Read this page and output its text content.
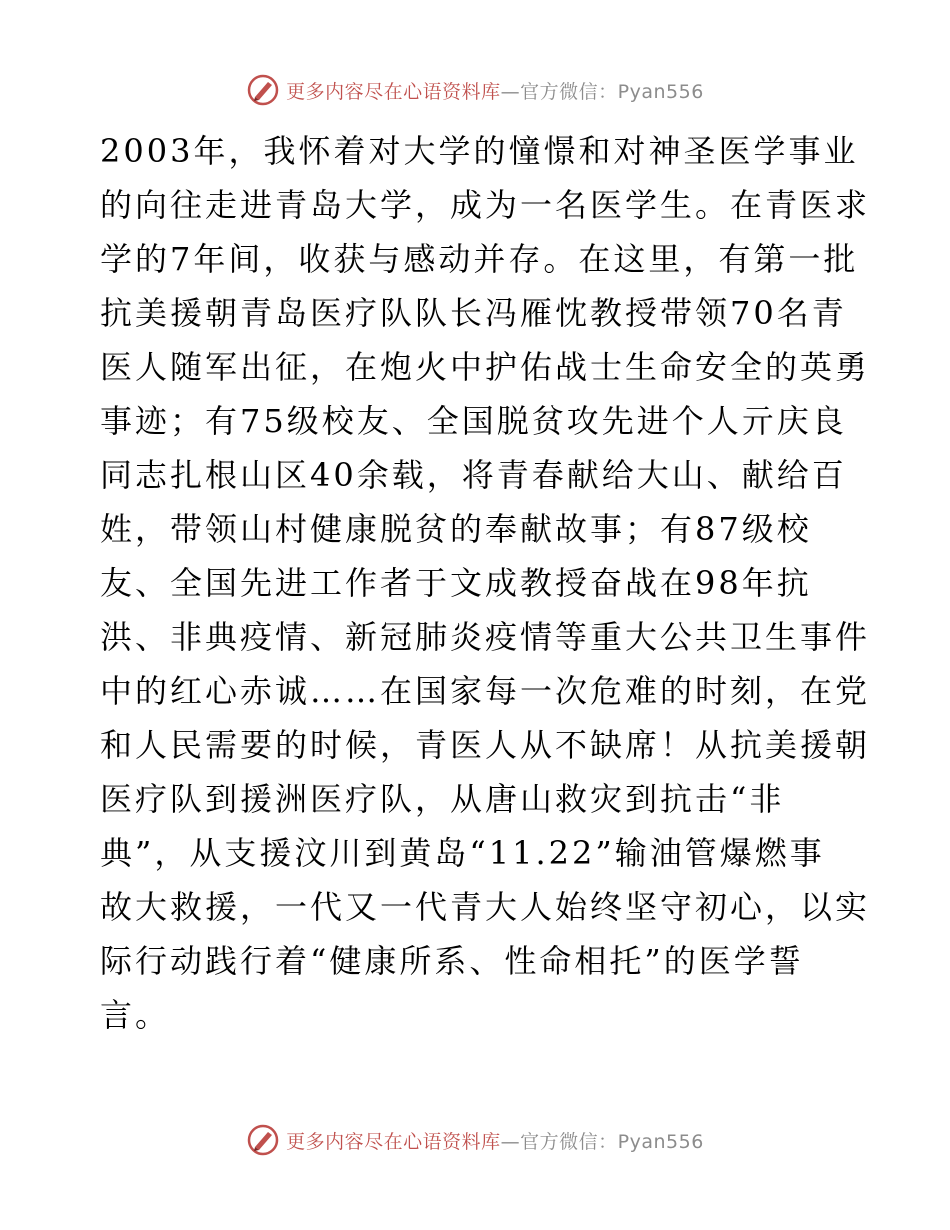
更多内容尽在心语资料库—官方微信：Pyan556
2003年，我怀着对大学的憧憬和对神圣医学事业
的向往走进青岛大学，成为一名医学生。在青医求
学的7年间，收获与感动并存。在这里，有第一批
抗美援朝青岛医疗队队长冯雁忱教授带领70名青
医人随军出征，在炮火中护佑战士生命安全的英勇
事迹；有75级校友、全国脱贫攻先进个人亓庆良
同志扎根山区40余载，将青春献给大山、献给百
姓，带领山村健康脱贫的奉献故事；有87级校
友、全国先进工作者于文成教授奋战在98年抗
洪、非典疫情、新冠肺炎疫情等重大公共卫生事件
中的红心赤诚……在国家每一次危难的时刻，在党
和人民需要的时候，青医人从不缺席！从抗美援朝
医疗队到援洲医疗队，从唐山救灾到抗击“非
典”，从支援汶川到黄岛“11.22”输油管爆燃事
故大救援，一代又一代青大人始终坚守初心，以实
际行动践行着“健康所系、性命相托”的医学誓
言。
更多内容尽在心语资料库—官方微信：Pyan556
